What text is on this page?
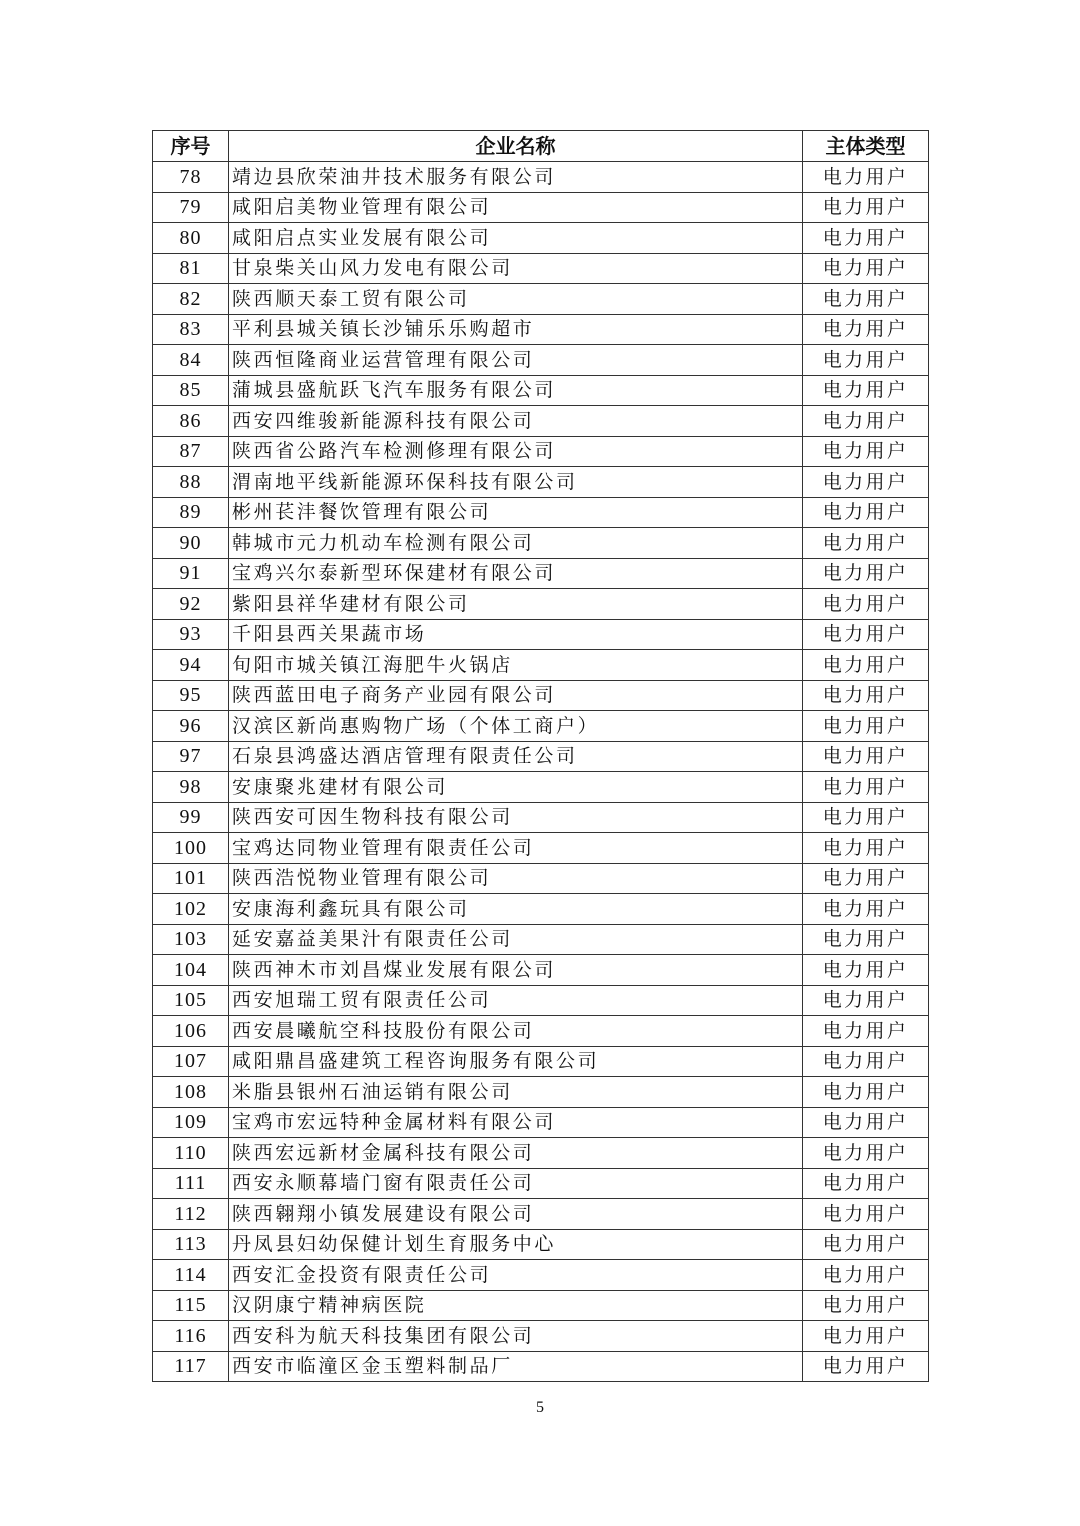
序号	企业名称	主体类型
78	靖边县欣荣油井技术服务有限公司	电力用户
79	咸阳启美物业管理有限公司	电力用户
80	咸阳启点实业发展有限公司	电力用户
81	甘泉柴关山风力发电有限公司	电力用户
82	陕西顺天泰工贸有限公司	电力用户
83	平利县城关镇长沙铺乐乐购超市	电力用户
84	陕西恒隆商业运营管理有限公司	电力用户
85	蒲城县盛航跃飞汽车服务有限公司	电力用户
86	西安四维骏新能源科技有限公司	电力用户
87	陕西省公路汽车检测修理有限公司	电力用户
88	渭南地平线新能源环保科技有限公司	电力用户
89	彬州苌沣餐饮管理有限公司	电力用户
90	韩城市元力机动车检测有限公司	电力用户
91	宝鸡兴尔泰新型环保建材有限公司	电力用户
92	紫阳县祥华建材有限公司	电力用户
93	千阳县西关果蔬市场	电力用户
94	旬阳市城关镇江海肥牛火锅店	电力用户
95	陕西蓝田电子商务产业园有限公司	电力用户
96	汉滨区新尚惠购物广场（个体工商户）	电力用户
97	石泉县鸿盛达酒店管理有限责任公司	电力用户
98	安康聚兆建材有限公司	电力用户
99	陕西安可因生物科技有限公司	电力用户
100	宝鸡达同物业管理有限责任公司	电力用户
101	陕西浩悦物业管理有限公司	电力用户
102	安康海利鑫玩具有限公司	电力用户
103	延安嘉益美果汁有限责任公司	电力用户
104	陕西神木市刘昌煤业发展有限公司	电力用户
105	西安旭瑞工贸有限责任公司	电力用户
106	西安晨曦航空科技股份有限公司	电力用户
107	咸阳鼎昌盛建筑工程咨询服务有限公司	电力用户
108	米脂县银州石油运销有限公司	电力用户
109	宝鸡市宏远特种金属材料有限公司	电力用户
110	陕西宏远新材金属科技有限公司	电力用户
111	西安永顺幕墙门窗有限责任公司	电力用户
112	陕西翱翔小镇发展建设有限公司	电力用户
113	丹凤县妇幼保健计划生育服务中心	电力用户
114	西安汇金投资有限责任公司	电力用户
115	汉阴康宁精神病医院	电力用户
116	西安科为航天科技集团有限公司	电力用户
117	西安市临潼区金玉塑料制品厂	电力用户
5
